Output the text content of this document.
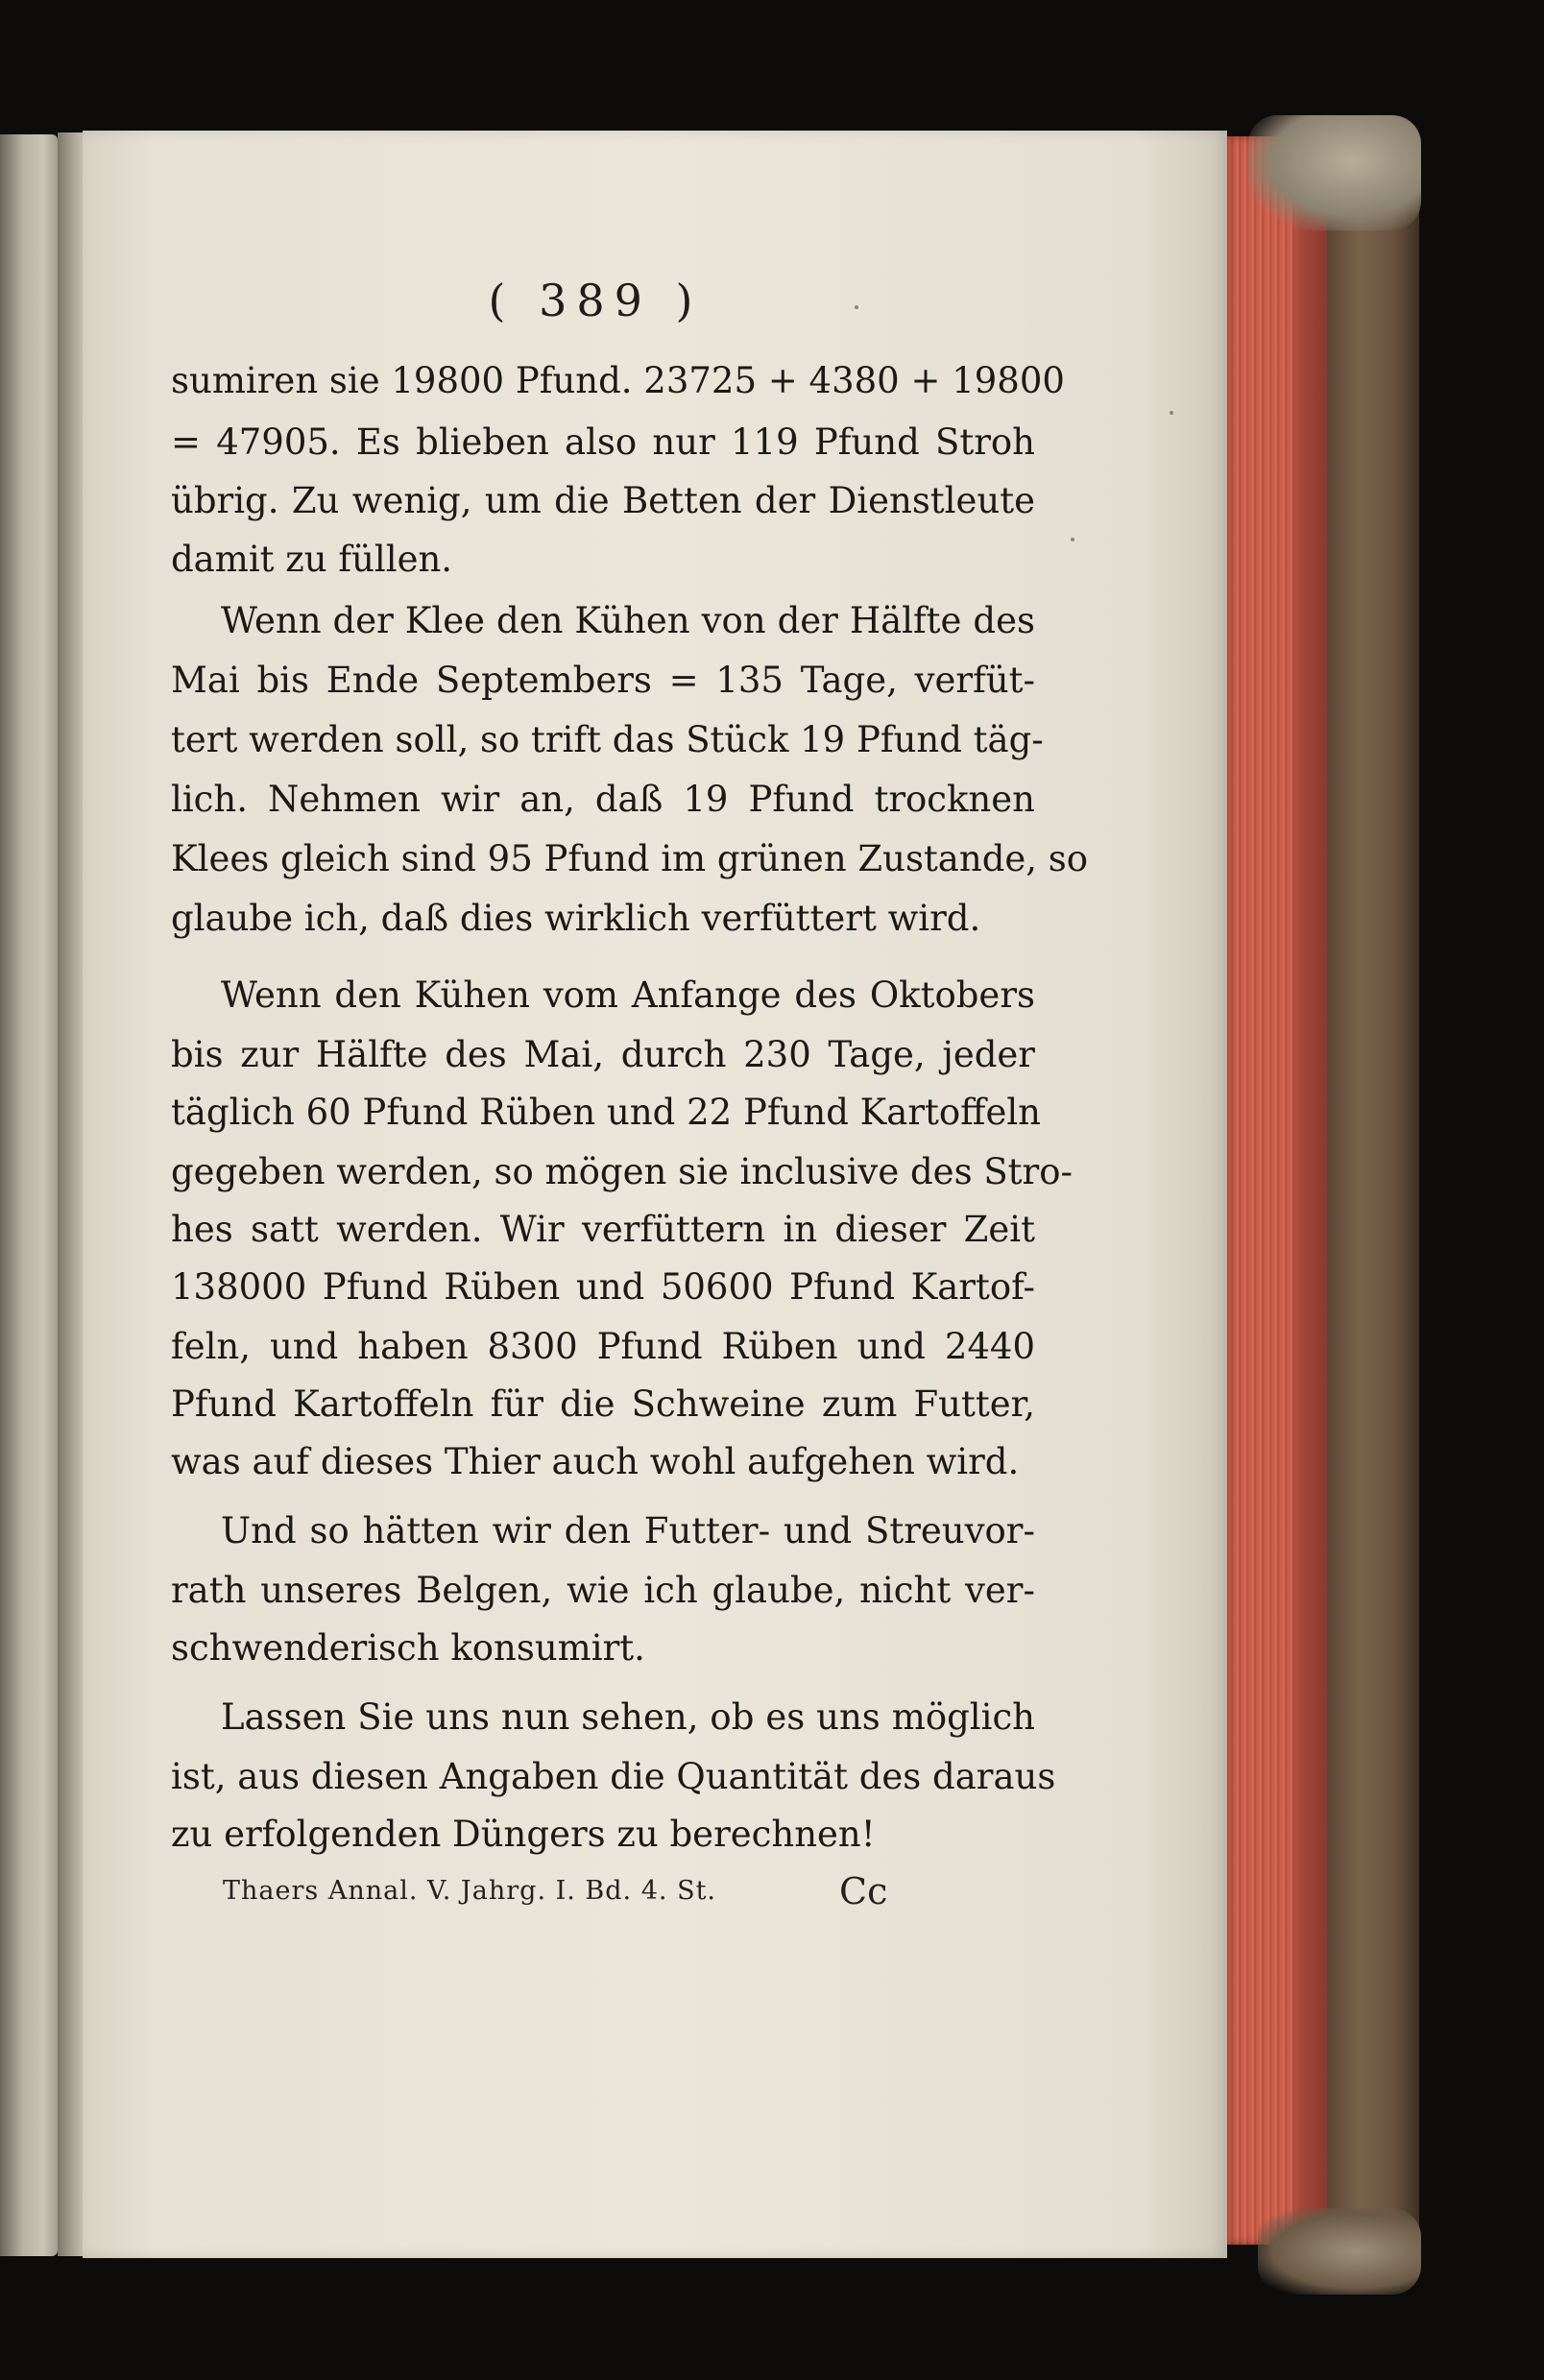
( 389 )
sumiren sie 19800 Pfund. 23725 + 4380 + 19800
= 47905. Es blieben also nur 119 Pfund Stroh
übrig. Zu wenig, um die Betten der Dienstleute
damit zu füllen.
Wenn der Klee den Kühen von der Hälfte des
Mai bis Ende Septembers = 135 Tage, verfüt-
tert werden soll, so trift das Stück 19 Pfund täg-
lich. Nehmen wir an, daß 19 Pfund trocknen
Klees gleich sind 95 Pfund im grünen Zustande, so
glaube ich, daß dies wirklich verfüttert wird.
Wenn den Kühen vom Anfange des Oktobers
bis zur Hälfte des Mai, durch 230 Tage, jeder
täglich 60 Pfund Rüben und 22 Pfund Kartoffeln
gegeben werden, so mögen sie inclusive des Stro-
hes satt werden. Wir verfüttern in dieser Zeit
138000 Pfund Rüben und 50600 Pfund Kartof-
feln, und haben 8300 Pfund Rüben und 2440
Pfund Kartoffeln für die Schweine zum Futter,
was auf dieses Thier auch wohl aufgehen wird.
Und so hätten wir den Futter- und Streuvor-
rath unseres Belgen, wie ich glaube, nicht ver-
schwenderisch konsumirt.
Lassen Sie uns nun sehen, ob es uns möglich
ist, aus diesen Angaben die Quantität des daraus
zu erfolgenden Düngers zu berechnen!
Thaers Annal. V. Jahrg. I. Bd. 4. St.	Cc
